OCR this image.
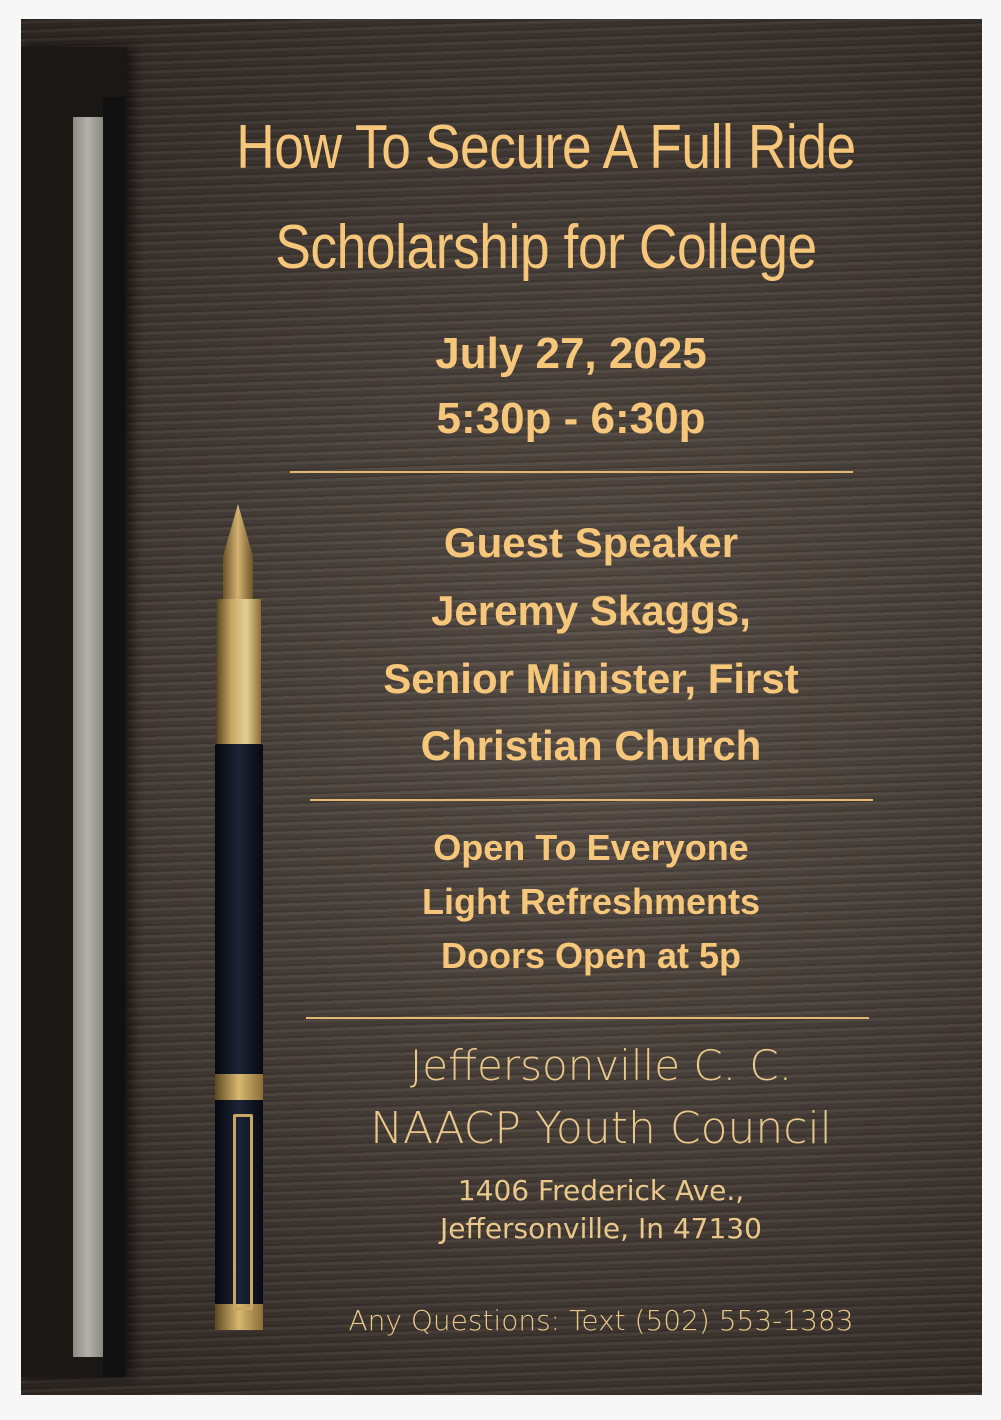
How To Secure A Full Ride
Scholarship for College
July 27, 2025
5:30p - 6:30p
Guest Speaker
Jeremy Skaggs,
Senior Minister, First
Christian Church
Open To Everyone
Light Refreshments
Doors Open at 5p
Jeffersonville C. C.
NAACP Youth Council
1406 Frederick Ave.,
Jeffersonville, In 47130
Any Questions: Text (502) 553-1383
